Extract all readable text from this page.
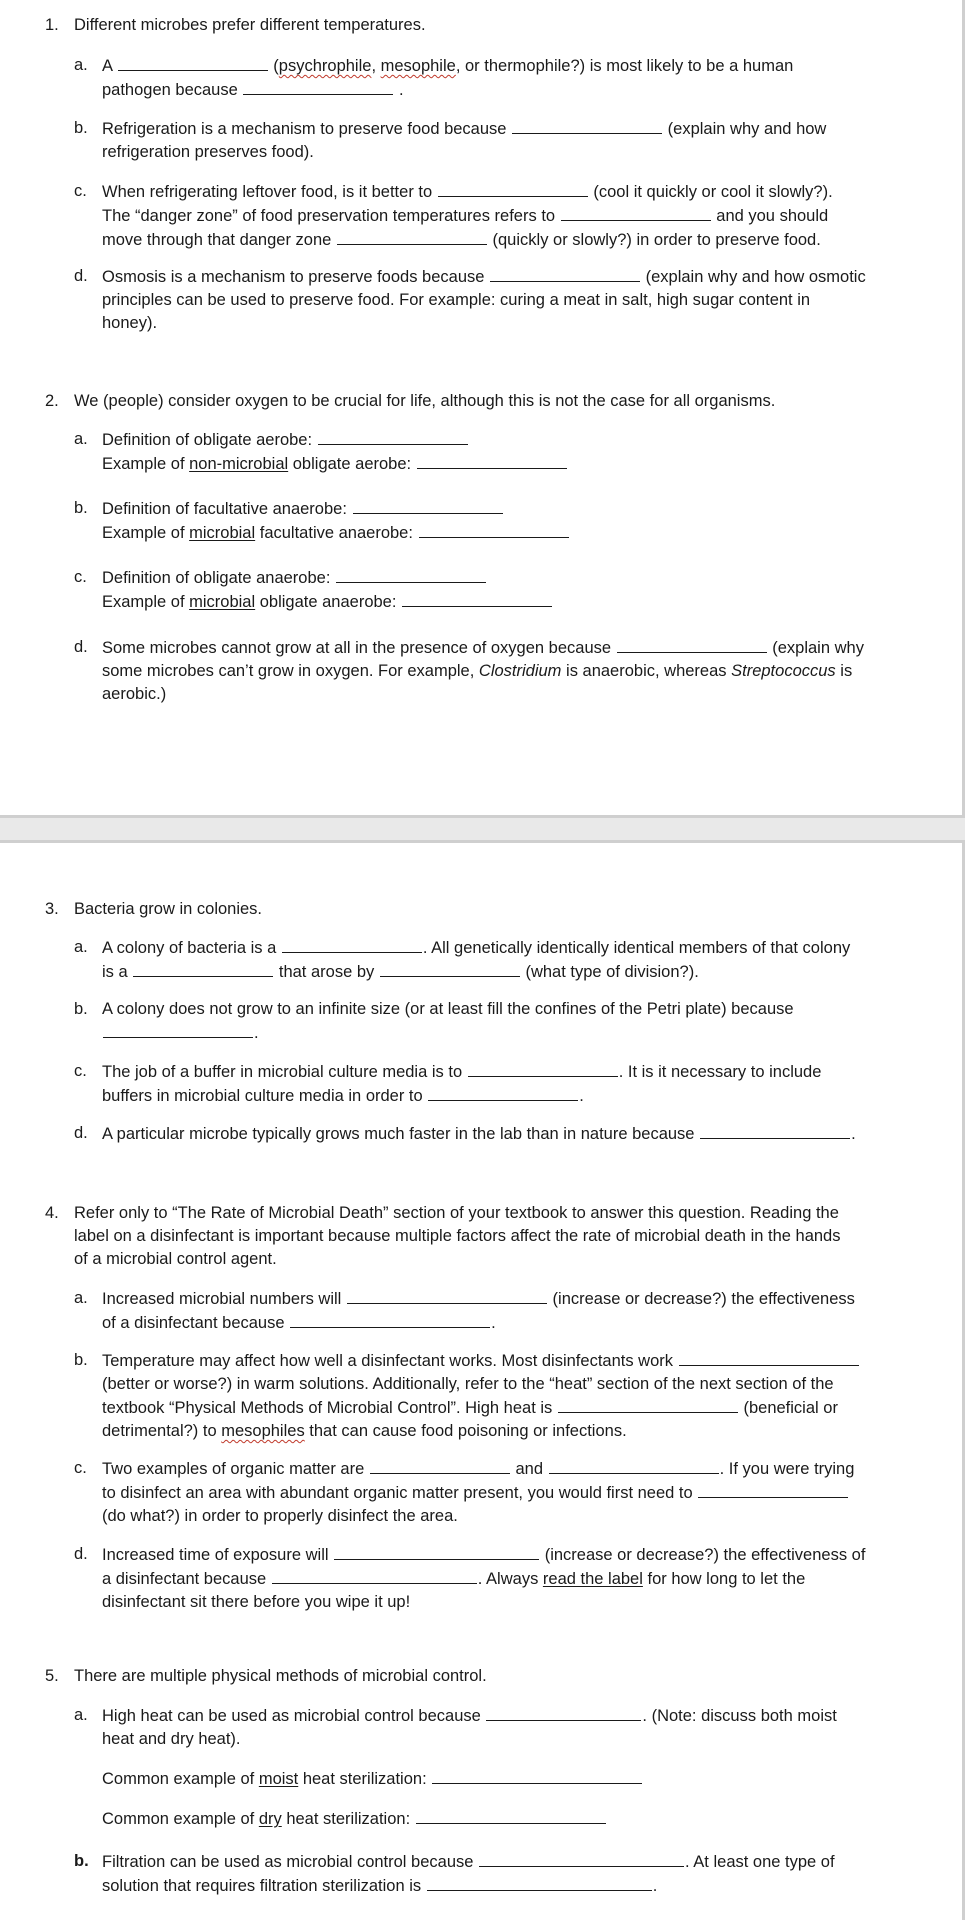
1. Different microbes prefer different temperatures.
a. A	(psychrophile, mesophile, or thermophile?) is most likely to be a human
pathogen because	.
b. Refrigeration is a mechanism to preserve food because	(explain why and how
refrigeration preserves food).
c. When refrigerating leftover food, is it better to	(cool it quickly or cool it slowly?).
The “danger zone” of food preservation temperatures refers to	and you should
move through that danger zone	(quickly or slowly?) in order to preserve food.
d. Osmosis is a mechanism to preserve foods because	(explain why and how osmotic
principles can be used to preserve food. For example: curing a meat in salt, high sugar content in
honey).
2. We (people) consider oxygen to be crucial for life, although this is not the case for all organisms.
a. Definition of obligate aerobe:
Example of non-microbial obligate aerobe:
b. Definition of facultative anaerobe:
Example of microbial facultative anaerobe:
c. Definition of obligate anaerobe:
Example of microbial obligate anaerobe:
d. Some microbes cannot grow at all in the presence of oxygen because	(explain why
some microbes can’t grow in oxygen. For example, Clostridium is anaerobic, whereas Streptococcus is
aerobic.)
3. Bacteria grow in colonies.
a. A colony of bacteria is a	. All genetically identically identical members of that colony
is a	that arose by	(what type of division?).
b. A colony does not grow to an infinite size (or at least fill the confines of the Petri plate) because
.
c. The job of a buffer in microbial culture media is to	. It is it necessary to include
buffers in microbial culture media in order to	.
d. A particular microbe typically grows much faster in the lab than in nature because	.
4. Refer only to “The Rate of Microbial Death” section of your textbook to answer this question. Reading the
label on a disinfectant is important because multiple factors affect the rate of microbial death in the hands
of a microbial control agent.
a. Increased microbial numbers will	(increase or decrease?) the effectiveness
of a disinfectant because	.
b. Temperature may affect how well a disinfectant works. Most disinfectants work
(better or worse?) in warm solutions. Additionally, refer to the “heat” section of the next section of the
textbook “Physical Methods of Microbial Control”. High heat is	(beneficial or
detrimental?) to mesophiles that can cause food poisoning or infections.
c. Two examples of organic matter are	and	. If you were trying
to disinfect an area with abundant organic matter present, you would first need to
(do what?) in order to properly disinfect the area.
d. Increased time of exposure will	(increase or decrease?) the effectiveness of
a disinfectant because	. Always read the label for how long to let the
disinfectant sit there before you wipe it up!
5. There are multiple physical methods of microbial control.
a. High heat can be used as microbial control because	. (Note: discuss both moist
heat and dry heat).
Common example of moist heat sterilization:
Common example of dry heat sterilization:
b. Filtration can be used as microbial control because	. At least one type of
solution that requires filtration sterilization is	.
